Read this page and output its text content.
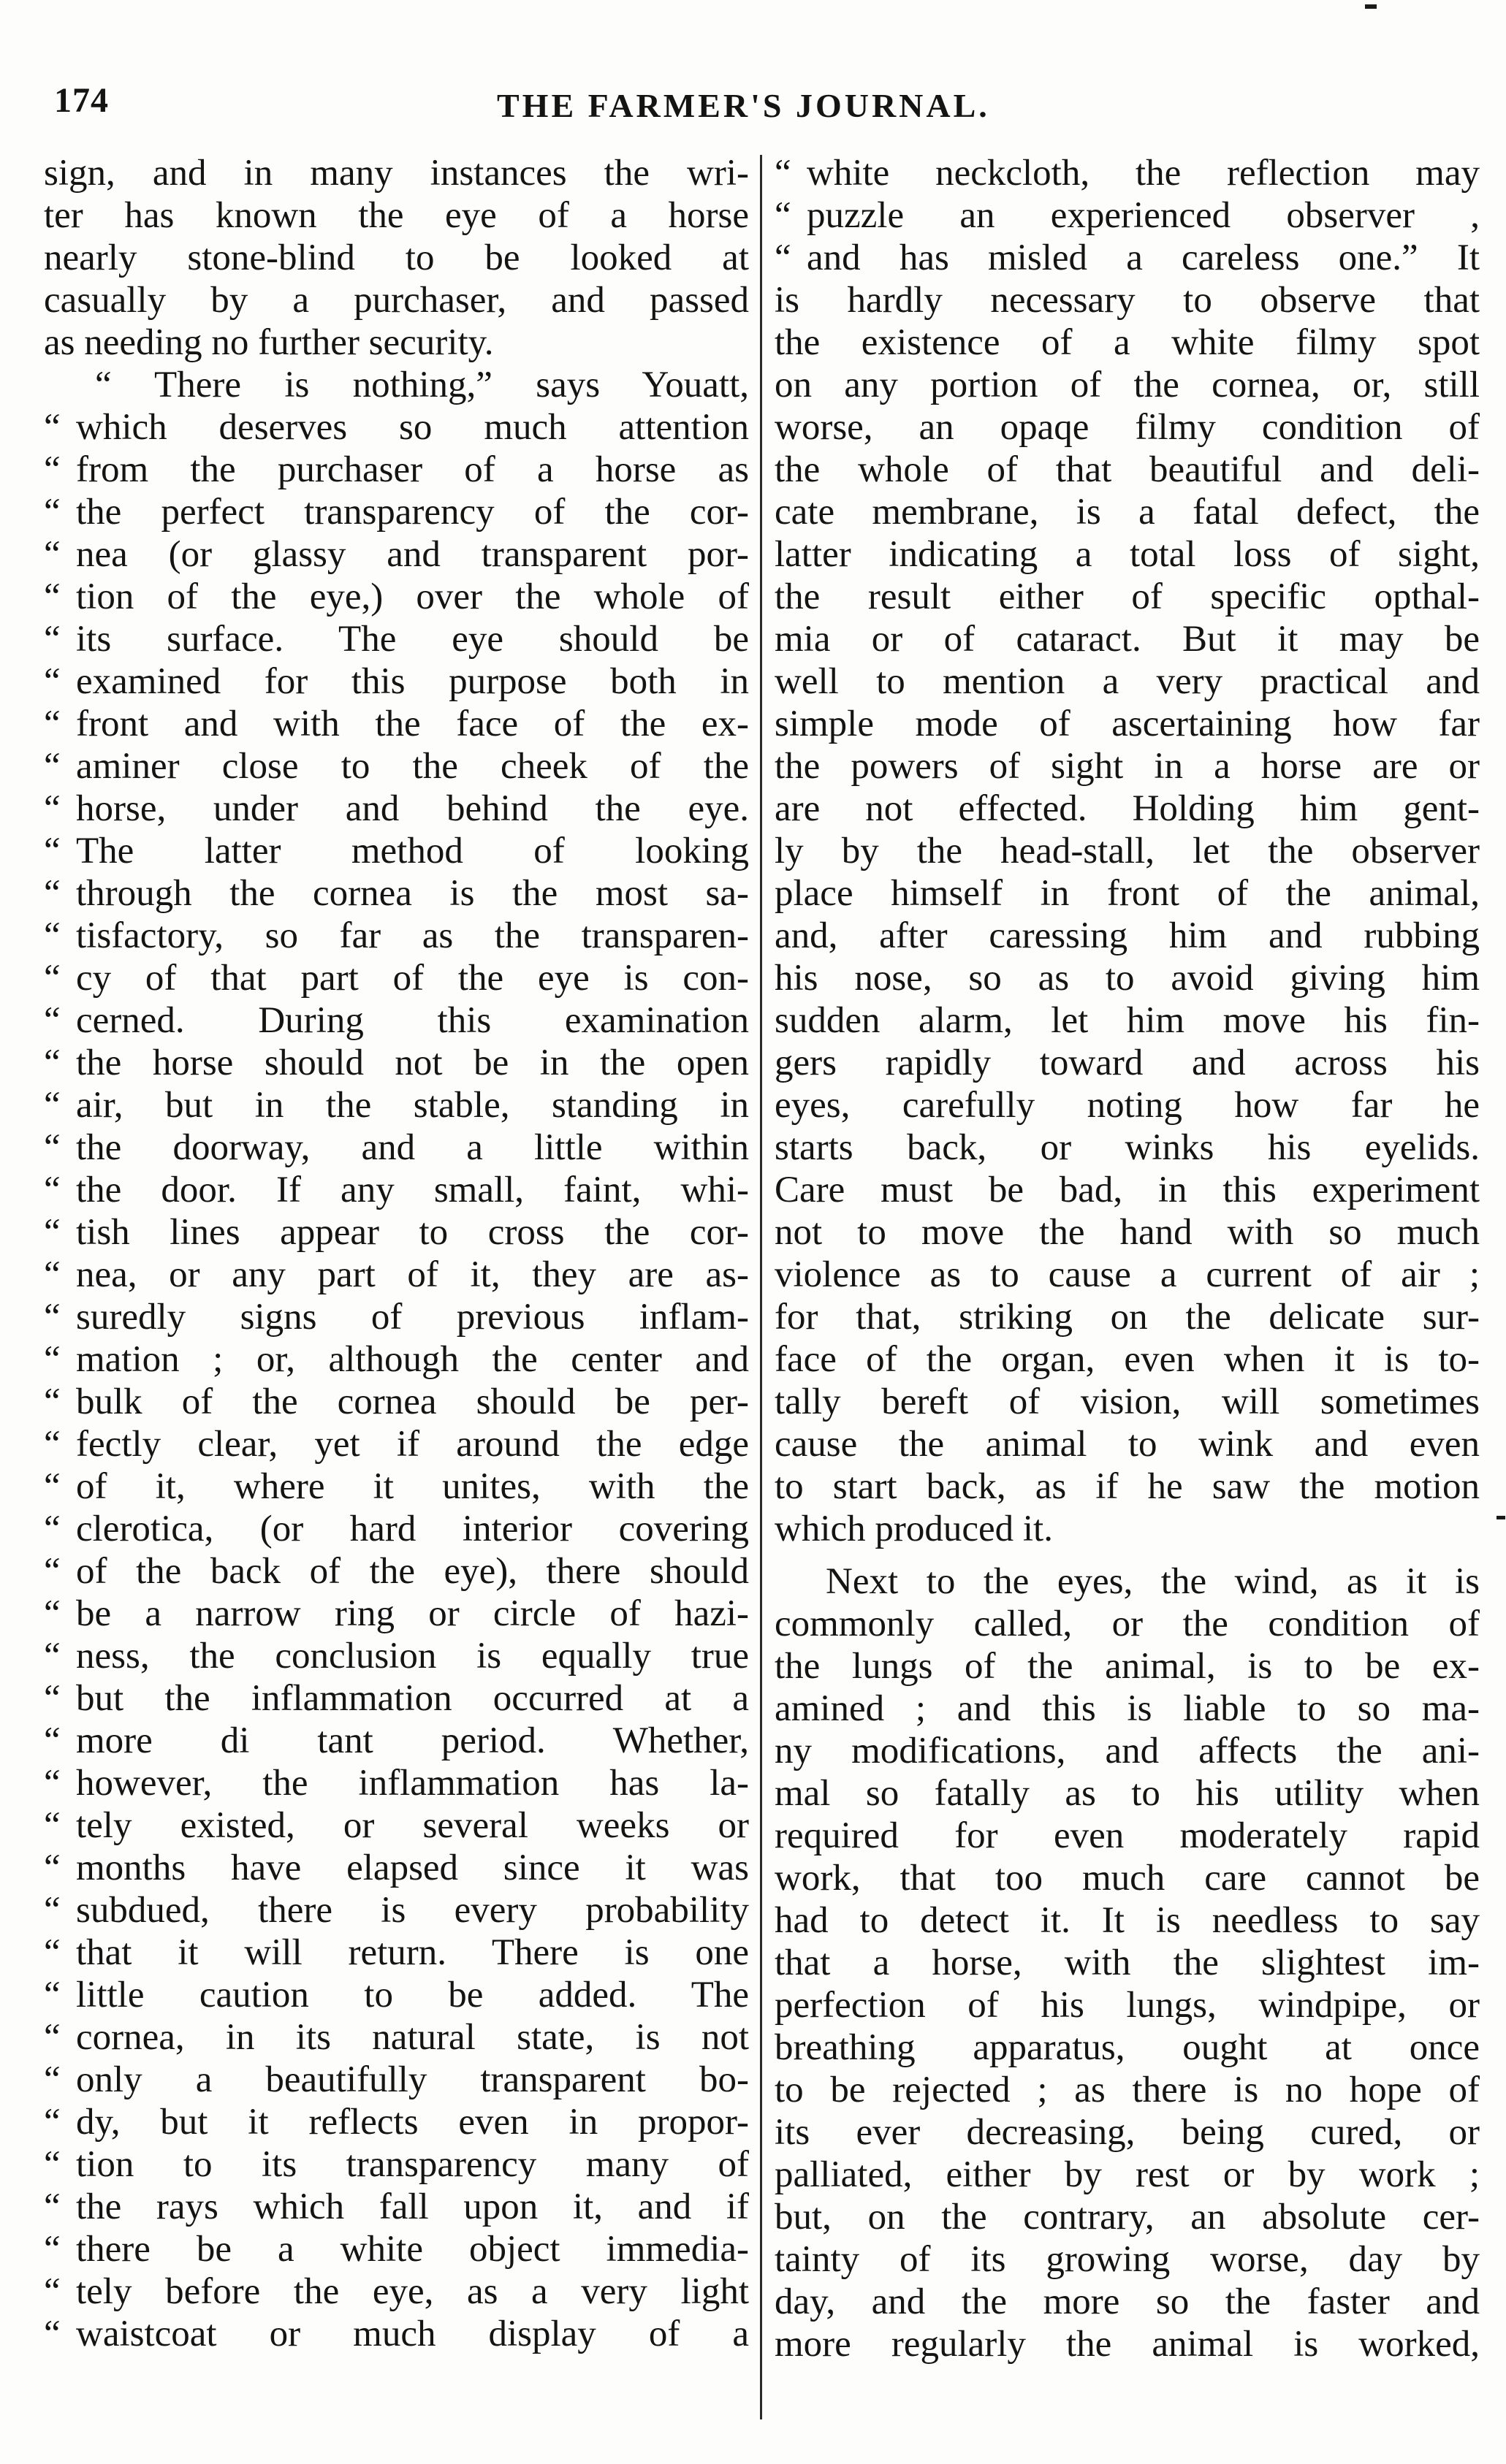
174	THE FARMER'S JOURNAL.
sign, and in many instances the wri-
ter has known the eye of a horse
nearly stone-blind to be looked at
casually by a purchaser, and passed
as needing no further security.
“ There is nothing,” says Youatt,
“ which deserves so much attention
“ from the purchaser of a horse as
“ the perfect transparency of the cor-
“ nea (or glassy and transparent por-
“ tion of the eye,) over the whole of
“ its surface. The eye should be
“ examined for this purpose both in
“ front and with the face of the ex-
“ aminer close to the cheek of the
“ horse, under and behind the eye.
“ The latter method of looking
“ through the cornea is the most sa-
“ tisfactory, so far as the transparen-
“ cy of that part of the eye is con-
“ cerned. During this examination
“ the horse should not be in the open
“ air, but in the stable, standing in
“ the doorway, and a little within
“ the door. If any small, faint, whi-
“ tish lines appear to cross the cor-
“ nea, or any part of it, they are as-
“ suredly signs of previous inflam-
“ mation ; or, although the center and
“ bulk of the cornea should be per-
“ fectly clear, yet if around the edge
“ of it, where it unites, with the
“ clerotica, (or hard interior covering
“ of the back of the eye), there should
“ be a narrow ring or circle of hazi-
“ ness, the conclusion is equally true
“ but the inflammation occurred at a
“ more di tant period. Whether,
“ however, the inflammation has la-
“ tely existed, or several weeks or
“ months have elapsed since it was
“ subdued, there is every probability
“ that it will return. There is one
“ little caution to be added. The
“ cornea, in its natural state, is not
“ only a beautifully transparent bo-
“ dy, but it reflects even in propor-
“ tion to its transparency many of
“ the rays which fall upon it, and if
“ there be a white object immedia-
“ tely before the eye, as a very light
“ waistcoat or much display of a
“ white neckcloth, the reflection may
“ puzzle an experienced observer ,
“ and has misled a careless one.” It
is hardly necessary to observe that
the existence of a white filmy spot
on any portion of the cornea, or, still
worse, an opaqe filmy condition of
the whole of that beautiful and deli-
cate membrane, is a fatal defect, the
latter indicating a total loss of sight,
the result either of specific opthal-
mia or of cataract. But it may be
well to mention a very practical and
simple mode of ascertaining how far
the powers of sight in a horse are or
are not effected. Holding him gent-
ly by the head-stall, let the observer
place himself in front of the animal,
and, after caressing him and rubbing
his nose, so as to avoid giving him
sudden alarm, let him move his fin-
gers rapidly toward and across his
eyes, carefully noting how far he
starts back, or winks his eyelids.
Care must be bad, in this experiment
not to move the hand with so much
violence as to cause a current of air ;
for that, striking on the delicate sur-
face of the organ, even when it is to-
tally bereft of vision, will sometimes
cause the animal to wink and even
to start back, as if he saw the motion
which produced it.
Next to the eyes, the wind, as it is
commonly called, or the condition of
the lungs of the animal, is to be ex-
amined ; and this is liable to so ma-
ny modifications, and affects the ani-
mal so fatally as to his utility when
required for even moderately rapid
work, that too much care cannot be
had to detect it. It is needless to say
that a horse, with the slightest im-
perfection of his lungs, windpipe, or
breathing apparatus, ought at once
to be rejected ; as there is no hope of
its ever decreasing, being cured, or
palliated, either by rest or by work ;
but, on the contrary, an absolute cer-
tainty of its growing worse, day by
day, and the more so the faster and
more regularly the animal is worked,
